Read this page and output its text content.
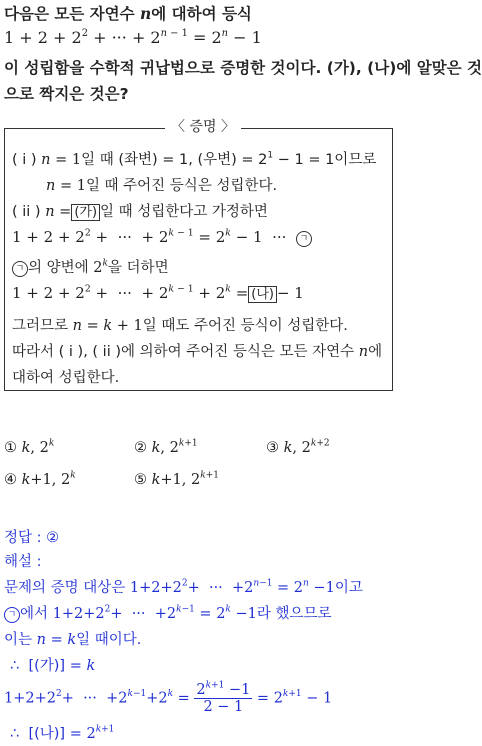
다음은 모든 자연수 n에 대하여 등식
$1 + 2 + 2^2$ + ··· + $2^{n - 1} = 2^n - 1$
이 성립함을 수학적 귀납법으로 증명한 것이다. (가), (나)에 알맞은 것
으로 짝지은 것은?
〈 증명 〉
( i ) n = 1일 때 (좌변) = 1, (우변) = $2^1 - 1 = 1$이므로
n = 1일 때 주어진 등식은 성립한다.
( ii ) n = (가) 일 때 성립한다고 가정하면
$1 + 2 + 2^2$ +  ···  + $2^{k - 1} = 2^k - 1$  ···  ㄱ
ㄱ 의 양변에 2$^k$을 더하면
$1 + 2 + 2^2$ +  ···  + $2^{k - 1} + 2^k$ = (나) − 1
그러므로 n = k + 1일 때도 주어진 등식이 성립한다.
따라서 ( i ), ( ii )에 의하여 주어진 등식은 모든 자연수 n에
대하여 성립한다.
① k, 2$^k$	② k, $2^{k+1}$	③ k, $2^{k+2}$
④ k+1, 2$^k$	⑤ k+1, $2^{k+1}$
정답 : ②
해설 :
문제의 증명 대상은 $1+2+2^2+$  ···  $+2^{n-1} = 2^n -1$이고
ㄱ 에서 $1+2+2^2+$  ···  $+2^{k-1} = 2^k -1$라 했으므로
이는 n = k일 때이다.
∴  [(가)] = k
$1+2+2^2+$  ···  $+2^{k-1}+2^k = \frac{2^{k+1} -1}{2 - 1} = 2^{k+1} - 1$
∴  [(나)] = $2^{k+1}$
